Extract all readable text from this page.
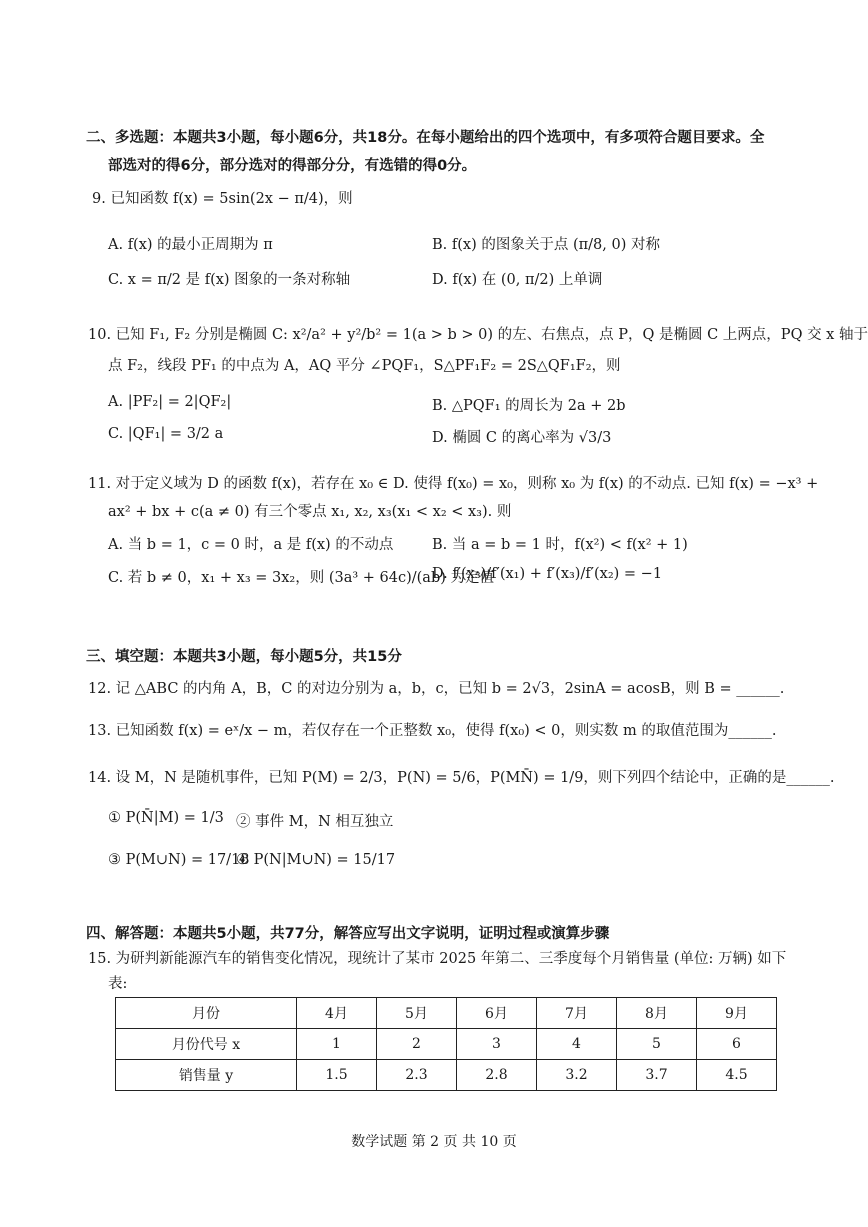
二、多选题：本题共3小题，每小题6分，共18分。在每小题给出的四个选项中，有多项符合题目要求。全
部选对的得6分，部分选对的得部分分，有选错的得0分。
9. 已知函数 f(x) = 5sin(2x − π/4)，则
A. f(x) 的最小正周期为 π	B. f(x) 的图象关于点 (π/8, 0) 对称
C. x = π/2 是 f(x) 图象的一条对称轴	D. f(x) 在 (0, π/2) 上单调
10. 已知 F₁, F₂ 分别是椭圆 C: x²/a² + y²/b² = 1(a > b > 0) 的左、右焦点，点 P，Q 是椭圆 C 上两点，PQ 交 x 轴于
点 F₂，线段 PF₁ 的中点为 A，AQ 平分 ∠PQF₁，S△PF₁F₂ = 2S△QF₁F₂，则
A. |PF₂| = 2|QF₂|	B. △PQF₁ 的周长为 2a + 2b
C. |QF₁| = 3/2 a	D. 椭圆 C 的离心率为 √3/3
11. 对于定义域为 D 的函数 f(x)，若存在 x₀ ∈ D. 使得 f(x₀) = x₀，则称 x₀ 为 f(x) 的不动点. 已知 f(x) = −x³ +
ax² + bx + c(a ≠ 0) 有三个零点 x₁, x₂, x₃(x₁ < x₂ < x₃). 则
A. 当 b = 1，c = 0 时，a 是 f(x) 的不动点	B. 当 a = b = 1 时，f(x²) < f(x² + 1)
C. 若 b ≠ 0，x₁ + x₃ = 3x₂，则 (3a³ + 64c)/(ab) 为定值
D. f′(x₃)/f′(x₁) + f′(x₃)/f′(x₂) = −1
三、填空题：本题共3小题，每小题5分，共15分
12. 记 △ABC 的内角 A，B，C 的对边分别为 a，b，c，已知 b = 2√3，2sinA = acosB，则 B = ______.
13. 已知函数 f(x) = eˣ/x − m，若仅存在一个正整数 x₀，使得 f(x₀) < 0，则实数 m 的取值范围为______.
14. 设 M，N 是随机事件，已知 P(M) = 2/3，P(N) = 5/6，P(MN̄) = 1/9，则下列四个结论中，正确的是______.
① P(N̄|M) = 1/3 ② 事件 M，N 相互独立
③ P(M∪N) = 17/18
④ P(N|M∪N) = 15/17
四、解答题：本题共5小题，共77分，解答应写出文字说明，证明过程或演算步骤
15. 为研判新能源汽车的销售变化情况，现统计了某市 2025 年第二、三季度每个月销售量 (单位: 万辆) 如下
表:
月份	4月	5月	6月	7月	8月	9月
月份代号 x	1	2	3	4	5	6
销售量 y	1.5	2.3	2.8	3.2	3.7	4.5
数学试题 第 2 页 共 10 页
